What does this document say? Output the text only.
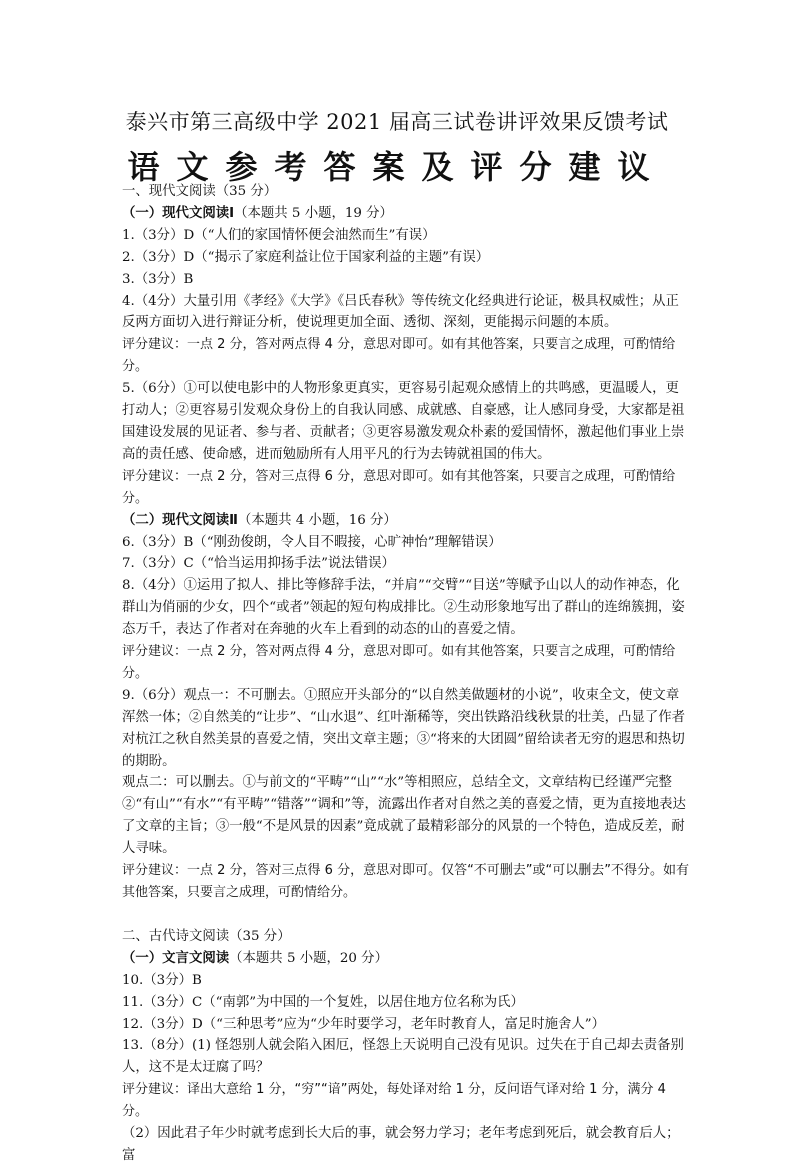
泰兴市第三高级中学 2021 届高三试卷讲评效果反馈考试
语文参考答案及评分建议
一、现代文阅读（35 分）
（一）现代文阅读Ⅰ（本题共 5 小题，19 分）
1.（3分）D（“人们的家国情怀便会油然而生”有误）
2.（3分）D（“揭示了家庭利益让位于国家利益的主题”有误）
3.（3分）B
4.（4分）大量引用《孝经》《大学》《吕氏春秋》等传统文化经典进行论证，极具权威性；从正反两方面切入进行辩证分析，使说理更加全面、透彻、深刻，更能揭示问题的本质。
评分建议：一点 2 分，答对两点得 4 分，意思对即可。如有其他答案，只要言之成理，可酌情给分。
5.（6分）①可以使电影中的人物形象更真实，更容易引起观众感情上的共鸣感，更温暖人，更打动人；②更容易引发观众身份上的自我认同感、成就感、自豪感，让人感同身受，大家都是祖国建设发展的见证者、参与者、贡献者；③更容易激发观众朴素的爱国情怀，激起他们事业上崇高的责任感、使命感，进而勉励所有人用平凡的行为去铸就祖国的伟大。
评分建议：一点 2 分，答对三点得 6 分，意思对即可。如有其他答案，只要言之成理，可酌情给分。
（二）现代文阅读Ⅱ（本题共 4 小题，16 分）
6.（3分）B（“刚劲俊朗，令人目不暇接，心旷神怡”理解错误）
7.（3分）C（“恰当运用抑扬手法”说法错误）
8.（4分）①运用了拟人、排比等修辞手法，“并肩”“交臂”“目送”等赋予山以人的动作神态，化群山为俏丽的少女，四个“或者”领起的短句构成排比。②生动形象地写出了群山的连绵簇拥，姿态万千，表达了作者对在奔驰的火车上看到的动态的山的喜爱之情。
评分建议：一点 2 分，答对两点得 4 分，意思对即可。如有其他答案，只要言之成理，可酌情给分。
9.（6分）观点一：不可删去。①照应开头部分的“以自然美做题材的小说”，收束全文，使文章浑然一体；②自然美的“让步”、“山水退”、红叶渐稀等，突出铁路沿线秋景的壮美，凸显了作者对杭江之秋自然美景的喜爱之情，突出文章主题；③“将来的大团圆”留给读者无穷的遐思和热切的期盼。
观点二：可以删去。①与前文的“平畴”“山”“水”等相照应，总结全文，文章结构已经谨严完整 ②“有山”“有水”“有平畴”“错落”“调和”等，流露出作者对自然之美的喜爱之情，更为直接地表达了文章的主旨；③一般“不是风景的因素”竟成就了最精彩部分的风景的一个特色，造成反差，耐人寻味。
评分建议：一点 2 分，答对三点得 6 分，意思对即可。仅答“不可删去”或“可以删去”不得分。如有其他答案，只要言之成理，可酌情给分。
二、古代诗文阅读（35 分）
（一）文言文阅读（本题共 5 小题，20 分）
10.（3分）B
11.（3分）C（“南郭”为中国的一个复姓，以居住地方位名称为氏）
12.（3分）D（“三种思考”应为“少年时要学习，老年时教育人，富足时施舍人”）
13.（8分）(1) 怪怨别人就会陷入困厄，怪怨上天说明自己没有见识。过失在于自己却去责备别人，这不是太迂腐了吗？
评分建议：译出大意给 1 分，“穷”“谙”两处，每处译对给 1 分，反问语气译对给 1 分，满分 4 分。
（2）因此君子年少时就考虑到长大后的事，就会努力学习；老年考虑到死后，就会教育后人；富
